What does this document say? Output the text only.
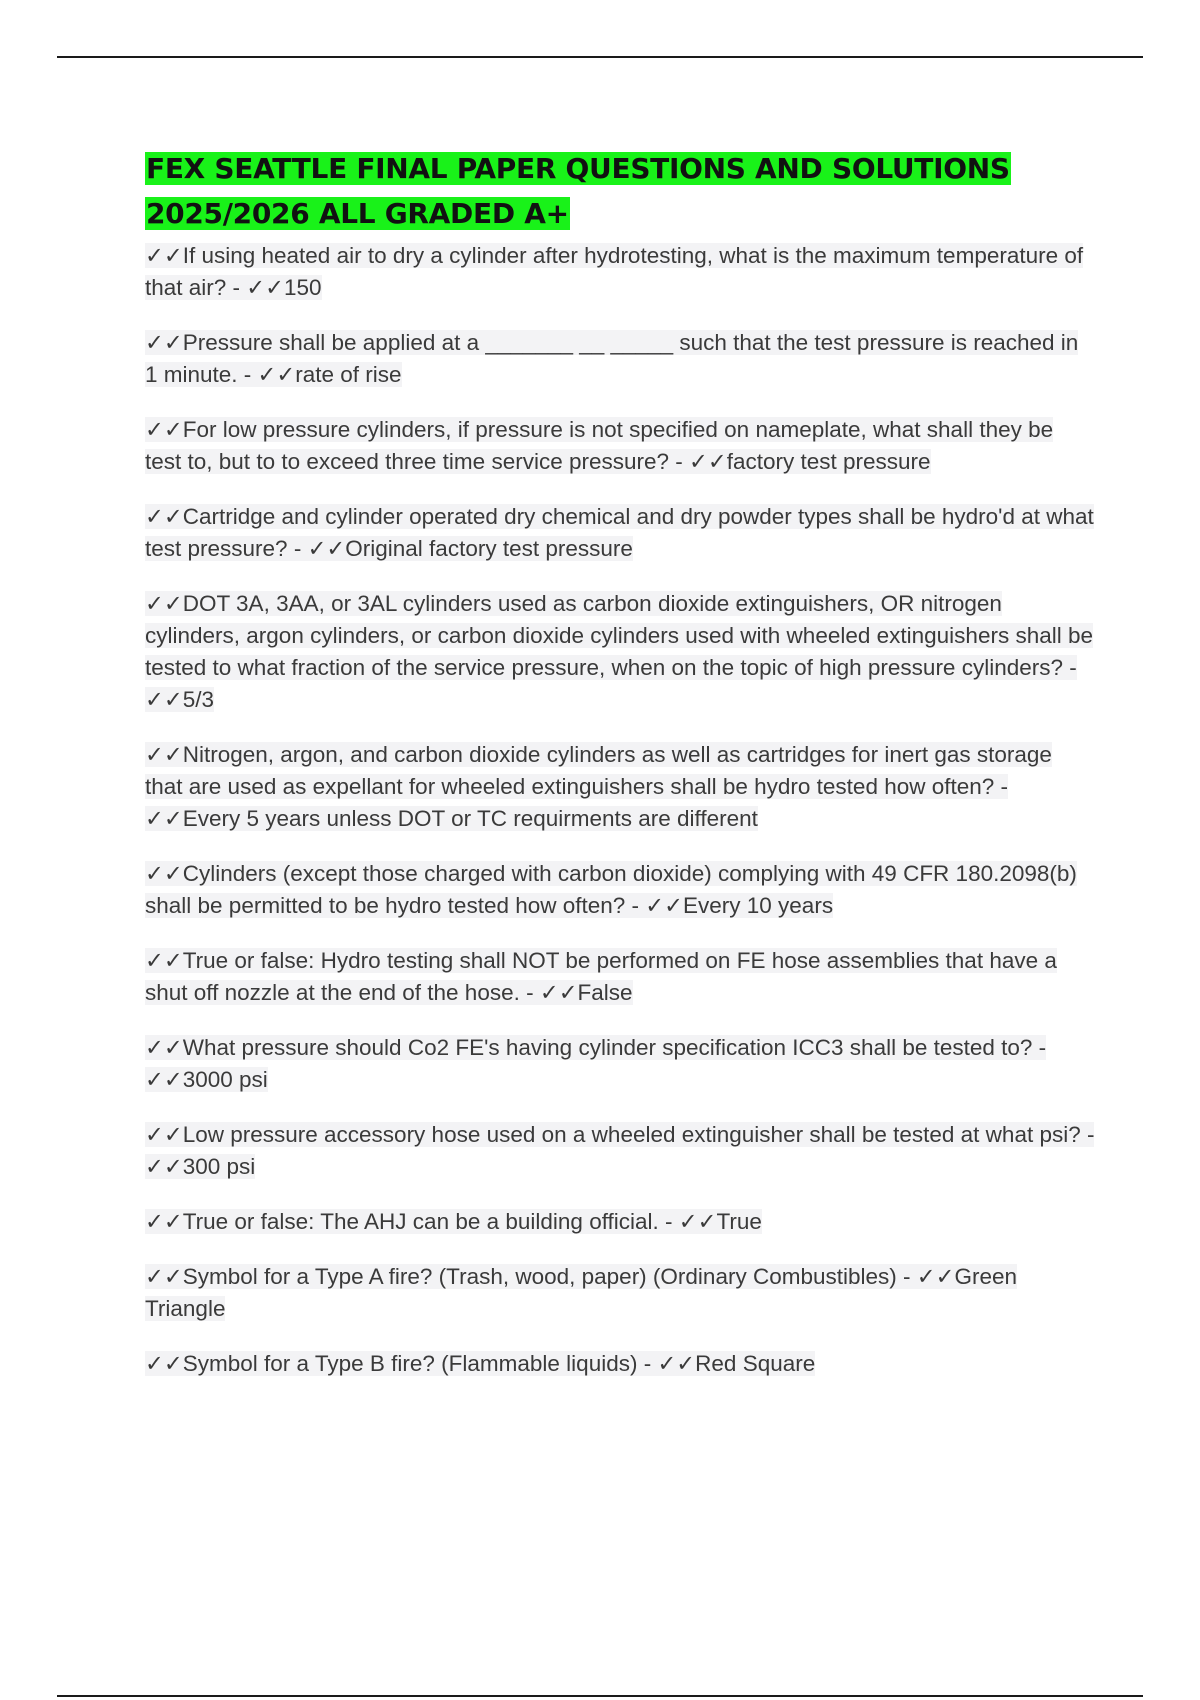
FEX SEATTLE FINAL PAPER QUESTIONS AND SOLUTIONS 2025/2026 ALL GRADED A+

✓✓If using heated air to dry a cylinder after hydrotesting, what is the maximum temperature of that air? - ✓✓150

✓✓Pressure shall be applied at a _______ __ _____ such that the test pressure is reached in 1 minute. - ✓✓rate of rise

✓✓For low pressure cylinders, if pressure is not specified on nameplate, what shall they be test to, but to to exceed three time service pressure? - ✓✓factory test pressure

✓✓Cartridge and cylinder operated dry chemical and dry powder types shall be hydro'd at what test pressure? - ✓✓Original factory test pressure

✓✓DOT 3A, 3AA, or 3AL cylinders used as carbon dioxide extinguishers, OR nitrogen cylinders, argon cylinders, or carbon dioxide cylinders used with wheeled extinguishers shall be tested to what fraction of the service pressure, when on the topic of high pressure cylinders? - ✓✓5/3

✓✓Nitrogen, argon, and carbon dioxide cylinders as well as cartridges for inert gas storage that are used as expellant for wheeled extinguishers shall be hydro tested how often? - ✓✓Every 5 years unless DOT or TC requirments are different

✓✓Cylinders (except those charged with carbon dioxide) complying with 49 CFR 180.2098(b) shall be permitted to be hydro tested how often? - ✓✓Every 10 years

✓✓True or false: Hydro testing shall NOT be performed on FE hose assemblies that have a shut off nozzle at the end of the hose. - ✓✓False

✓✓What pressure should Co2 FE's having cylinder specification ICC3 shall be tested to? - ✓✓3000 psi

✓✓Low pressure accessory hose used on a wheeled extinguisher shall be tested at what psi? - ✓✓300 psi

✓✓True or false: The AHJ can be a building official. - ✓✓True

✓✓Symbol for a Type A fire? (Trash, wood, paper) (Ordinary Combustibles) - ✓✓Green Triangle

✓✓Symbol for a Type B fire? (Flammable liquids) - ✓✓Red Square
